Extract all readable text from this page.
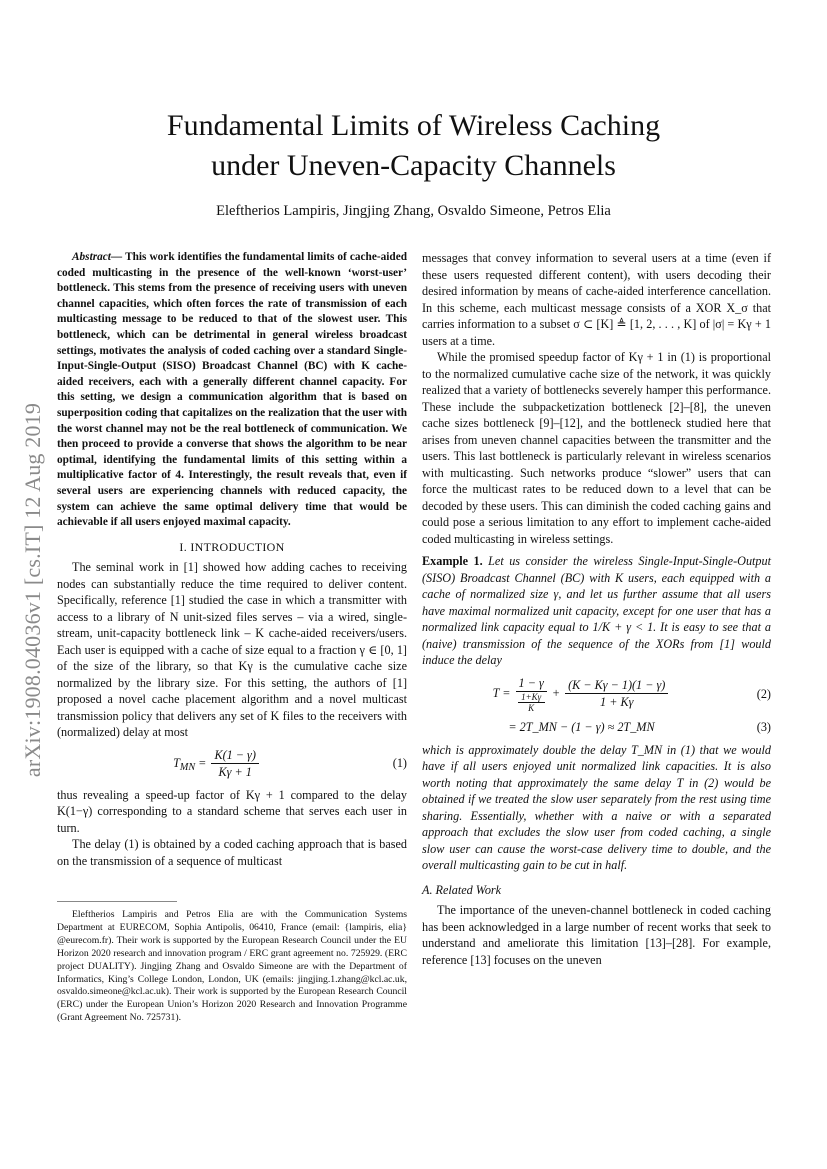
arXiv:1908.04036v1 [cs.IT] 12 Aug 2019
Fundamental Limits of Wireless Caching
under Uneven-Capacity Channels
Eleftherios Lampiris, Jingjing Zhang, Osvaldo Simeone, Petros Elia

Abstract— This work identifies the fundamental limits of cache-aided coded multicasting in the presence of the well-known ‘worst-user’ bottleneck. This stems from the presence of receiving users with uneven channel capacities, which often forces the rate of transmission of each multicasting message to be reduced to that of the slowest user. This bottleneck, which can be detrimental in general wireless broadcast settings, motivates the analysis of coded caching over a standard Single-Input-Single-Output (SISO) Broadcast Channel (BC) with K cache-aided receivers, each with a generally different channel capacity. For this setting, we design a communication algorithm that is based on superposition coding that capitalizes on the realization that the user with the worst channel may not be the real bottleneck of communication. We then proceed to provide a converse that shows the algorithm to be near optimal, identifying the fundamental limits of this setting within a multiplicative factor of 4. Interestingly, the result reveals that, even if several users are experiencing channels with reduced capacity, the system can achieve the same optimal delivery time that would be achievable if all users enjoyed maximal capacity.

I. INTRODUCTION

The seminal work in [1] showed how adding caches to receiving nodes can substantially reduce the time required to deliver content. Specifically, reference [1] studied the case in which a transmitter with access to a library of N unit-sized files serves – via a wired, single-stream, unit-capacity bottleneck link – K cache-aided receivers/users. Each user is equipped with a cache of size equal to a fraction γ ∈ [0, 1] of the size of the library, so that Kγ is the cumulative cache size normalized by the library size. For this setting, the authors of [1] proposed a novel cache placement algorithm and a novel multicast transmission policy that delivers any set of K files to the receivers with (normalized) delay at most

$T_{MN} = \frac{K(1 - \gamma)}{K\gamma + 1}$	(1)

thus revealing a speed-up factor of Kγ + 1 compared to the delay K(1−γ) corresponding to a standard scheme that serves each user in turn.

The delay (1) is obtained by a coded caching approach that is based on the transmission of a sequence of multicast

Eleftherios Lampiris and Petros Elia are with the Communication Systems Department at EURECOM, Sophia Antipolis, 06410, France (email: {lampiris, elia} @eurecom.fr). Their work is supported by the European Research Council under the EU Horizon 2020 research and innovation program / ERC grant agreement no. 725929. (ERC project DUALITY). Jingjing Zhang and Osvaldo Simeone are with the Department of Informatics, King’s College London, London, UK (emails: jingjing.1.zhang@kcl.ac.uk, osvaldo.simeone@kcl.ac.uk). Their work is supported by the European Research Council (ERC) under the European Union’s Horizon 2020 Research and Innovation Programme (Grant Agreement No. 725731).

messages that convey information to several users at a time (even if these users requested different content), with users decoding their desired information by means of cache-aided interference cancellation. In this scheme, each multicast message consists of a XOR X_σ that carries information to a subset σ ⊂ [K] ≜ [1, 2, . . . , K] of |σ| = Kγ + 1 users at a time.

While the promised speedup factor of Kγ + 1 in (1) is proportional to the normalized cumulative cache size of the network, it was quickly realized that a variety of bottlenecks severely hamper this performance. These include the subpacketization bottleneck [2]–[8], the uneven cache sizes bottleneck [9]–[12], and the bottleneck studied here that arises from uneven channel capacities between the transmitter and the users. This last bottleneck is particularly relevant in wireless scenarios with multicasting. Such networks produce “slower” users that can force the multicast rates to be reduced down to a level that can be decoded by these users. This can diminish the coded caching gains and could pose a serious limitation to any effort to implement cache-aided coded multicasting in wireless settings.

Example 1. Let us consider the wireless Single-Input-Single-Output (SISO) Broadcast Channel (BC) with K users, each equipped with a cache of normalized size γ, and let us further assume that all users have maximal normalized unit capacity, except for one user that has a normalized link capacity equal to 1/K + γ < 1. It is easy to see that a (naive) transmission of the sequence of the XORs from [1] would induce the delay

$T = \frac{1 - \gamma}{\frac{1+K\gamma}{K}} + \frac{(K - K\gamma - 1)(1 - \gamma)}{1 + K\gamma}$	(2)
= 2T_MN − (1 − γ) ≈ 2T_MN	(3)

which is approximately double the delay T_MN in (1) that we would have if all users enjoyed unit normalized link capacities. It is also worth noting that approximately the same delay T in (2) would be obtained if we treated the slow user separately from the rest using time sharing. Essentially, whether with a naive or with a separated approach that excludes the slow user from coded caching, a single slow user can cause the worst-case delivery time to double, and the overall multicasting gain to be cut in half.

A. Related Work

The importance of the uneven-channel bottleneck in coded caching has been acknowledged in a large number of recent works that seek to understand and ameliorate this limitation [13]–[28]. For example, reference [13] focuses on the uneven
